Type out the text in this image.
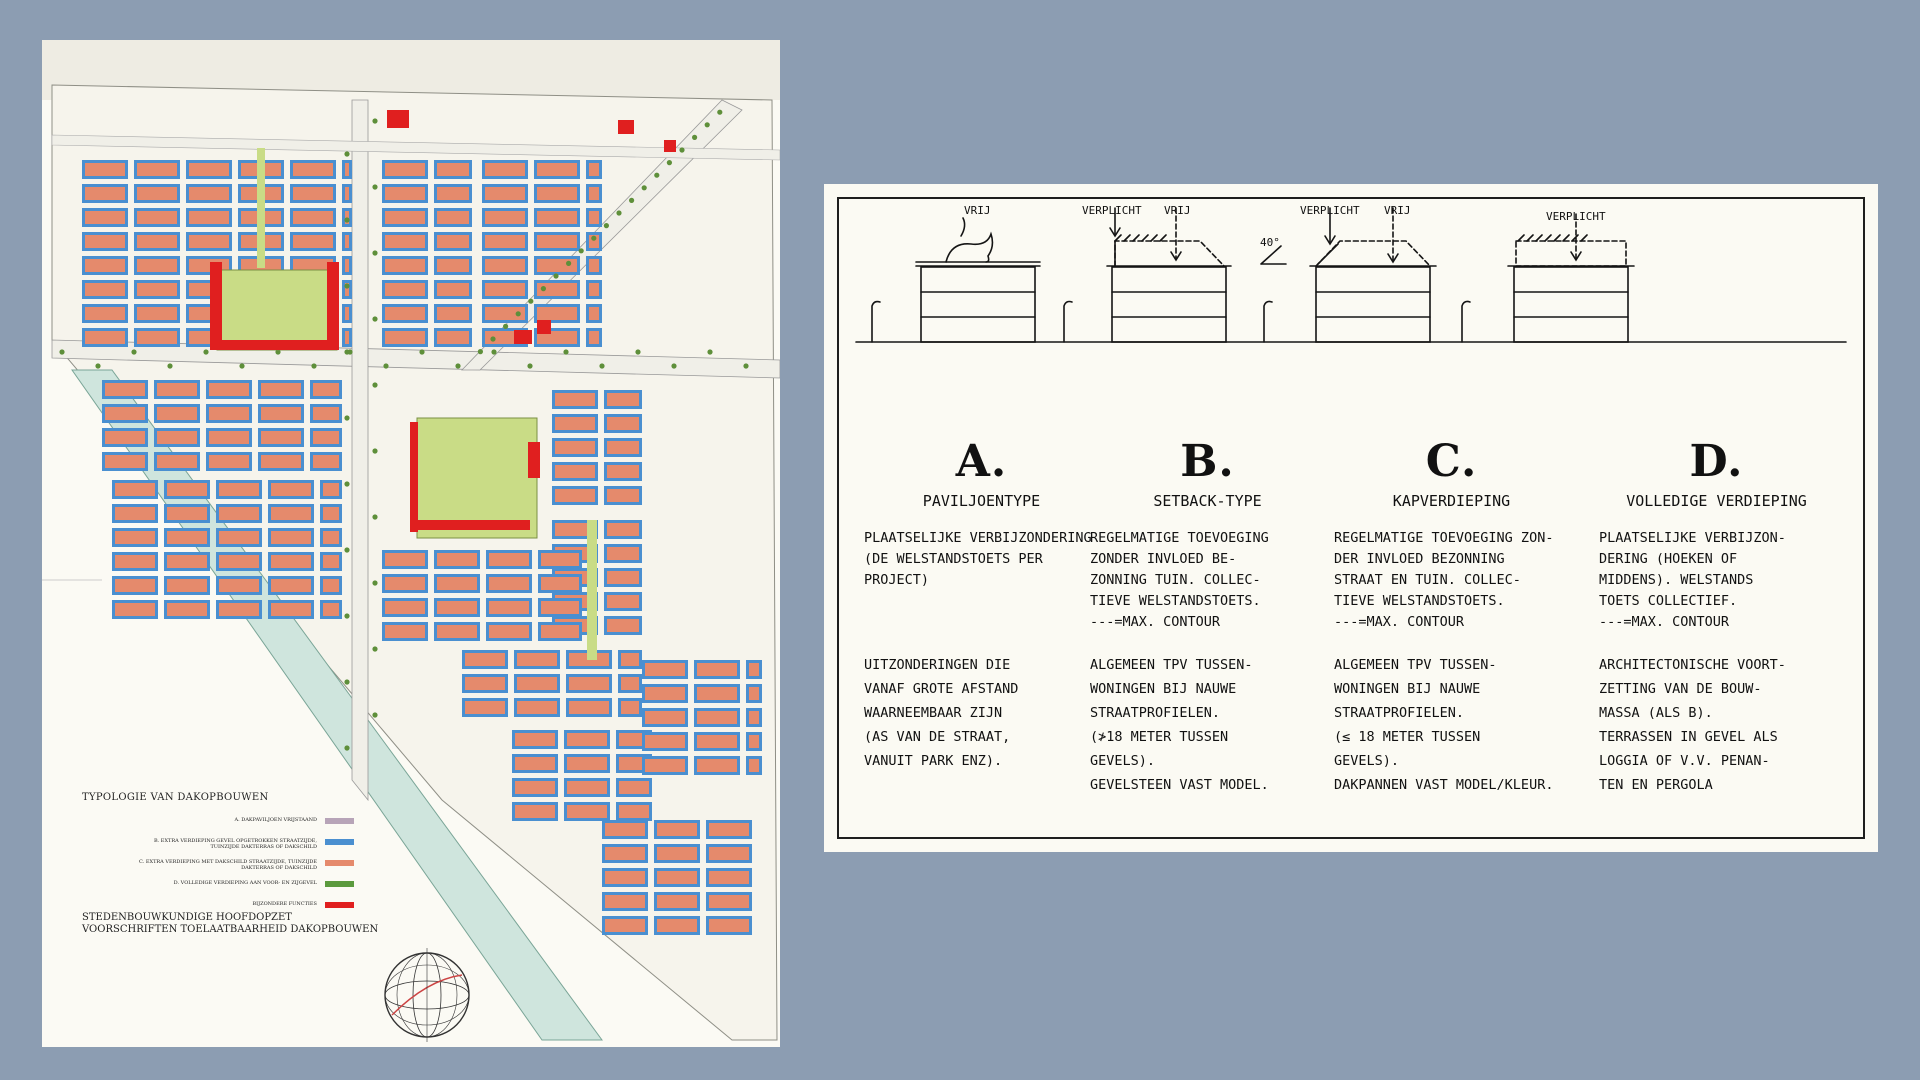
TYPOLOGIE VAN DAKOPBOUWEN
A. DAKPAVILJOEN VRIJSTAAND
B. EXTRA VERDIEPING GEVEL OPGETROKKEN STRAATZIJDE, TUINZIJDE DAKTERRAS OF DAKSCHILD
C. EXTRA VERDIEPING MET DAKSCHILD STRAATZIJDE, TUINZIJDE DAKTERRAS OF DAKSCHILD
D. VOLLEDIGE VERDIEPING AAN VOOR- EN ZIJGEVEL
BIJZONDERE FUNCTIES
STEDENBOUWKUNDIGE HOOFDOPZET
VOORSCHRIFTEN TOELAATBAARHEID DAKOPBOUWEN
VRIJ	VERPLICHT VRIJ	VERPLICHT VRIJ
40°
VERPLICHT
A.
PAVILJOENTYPE
PLAATSELIJKE VERBIJZONDERING
(DE WELSTANDSTOETS PER
PROJECT)
UITZONDERINGEN DIE
VANAF GROTE AFSTAND
WAARNEEMBAAR ZIJN
(AS VAN DE STRAAT,
VANUIT PARK ENZ).
B.
SETBACK-TYPE
REGELMATIGE TOEVOEGING
ZONDER INVLOED BE-
ZONNING TUIN. COLLEC-
TIEVE WELSTANDSTOETS.
---=MAX. CONTOUR
ALGEMEEN TPV TUSSEN-
WONINGEN BIJ NAUWE
STRAATPROFIELEN.
(≯18 METER TUSSEN
GEVELS).
GEVELSTEEN VAST MODEL.
C.
KAPVERDIEPING
REGELMATIGE TOEVOEGING ZON-
DER INVLOED BEZONNING
STRAAT EN TUIN. COLLEC-
TIEVE WELSTANDSTOETS.
---=MAX. CONTOUR
ALGEMEEN TPV TUSSEN-
WONINGEN BIJ NAUWE
STRAATPROFIELEN.
(≤ 18 METER TUSSEN
GEVELS).
DAKPANNEN VAST MODEL/KLEUR.
D.
VOLLEDIGE VERDIEPING
PLAATSELIJKE VERBIJZON-
DERING (HOEKEN OF
MIDDENS). WELSTANDS
TOETS COLLECTIEF.
---=MAX. CONTOUR
ARCHITECTONISCHE VOORT-
ZETTING VAN DE BOUW-
MASSA (ALS B).
TERRASSEN IN GEVEL ALS
LOGGIA OF V.V. PENAN-
TEN EN PERGOLA
